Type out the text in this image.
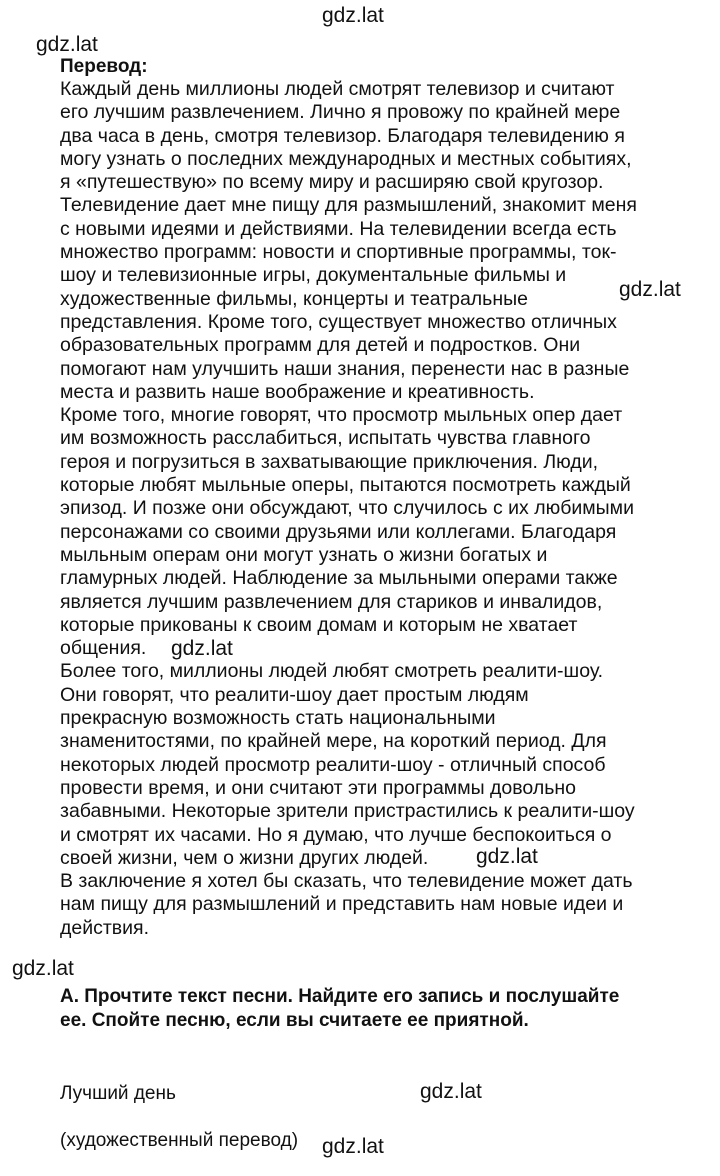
gdz.lat
gdz.lat
gdz.lat
gdz.lat
gdz.lat
gdz.lat
gdz.lat
gdz.lat

Перевод:

Каждый день миллионы людей смотрят телевизор и считают
его лучшим развлечением. Лично я провожу по крайней мере
два часа в день, смотря телевизор. Благодаря телевидению я
могу узнать о последних международных и местных событиях,
я «путешествую» по всему миру и расширяю свой кругозор.
Телевидение дает мне пищу для размышлений, знакомит меня
с новыми идеями и действиями. На телевидении всегда есть
множество программ: новости и спортивные программы, ток-
шоу и телевизионные игры, документальные фильмы и
художественные фильмы, концерты и театральные
представления. Кроме того, существует множество отличных
образовательных программ для детей и подростков. Они
помогают нам улучшить наши знания, перенести нас в разные
места и развить наше воображение и креативность.

Кроме того, многие говорят, что просмотр мыльных опер дает
им возможность расслабиться, испытать чувства главного
героя и погрузиться в захватывающие приключения. Люди,
которые любят мыльные оперы, пытаются посмотреть каждый
эпизод. И позже они обсуждают, что случилось с их любимыми
персонажами со своими друзьями или коллегами. Благодаря
мыльным операм они могут узнать о жизни богатых и
гламурных людей. Наблюдение за мыльными операми также
является лучшим развлечением для стариков и инвалидов,
которые прикованы к своим домам и которым не хватает
общения.

Более того, миллионы людей любят смотреть реалити-шоу.
Они говорят, что реалити-шоу дает простым людям
прекрасную возможность стать национальными
знаменитостями, по крайней мере, на короткий период. Для
некоторых людей просмотр реалити-шоу - отличный способ
провести время, и они считают эти программы довольно
забавными. Некоторые зрители пристрастились к реалити-шоу
и смотрят их часами. Но я думаю, что лучше беспокоиться о
своей жизни, чем о жизни других людей.

В заключение я хотел бы сказать, что телевидение может дать
нам пищу для размышлений и представить нам новые идеи и
действия.

A. Прочтите текст песни. Найдите его запись и послушайте
ее. Спойте песню, если вы считаете ее приятной.

Лучший день

(художественный перевод)
